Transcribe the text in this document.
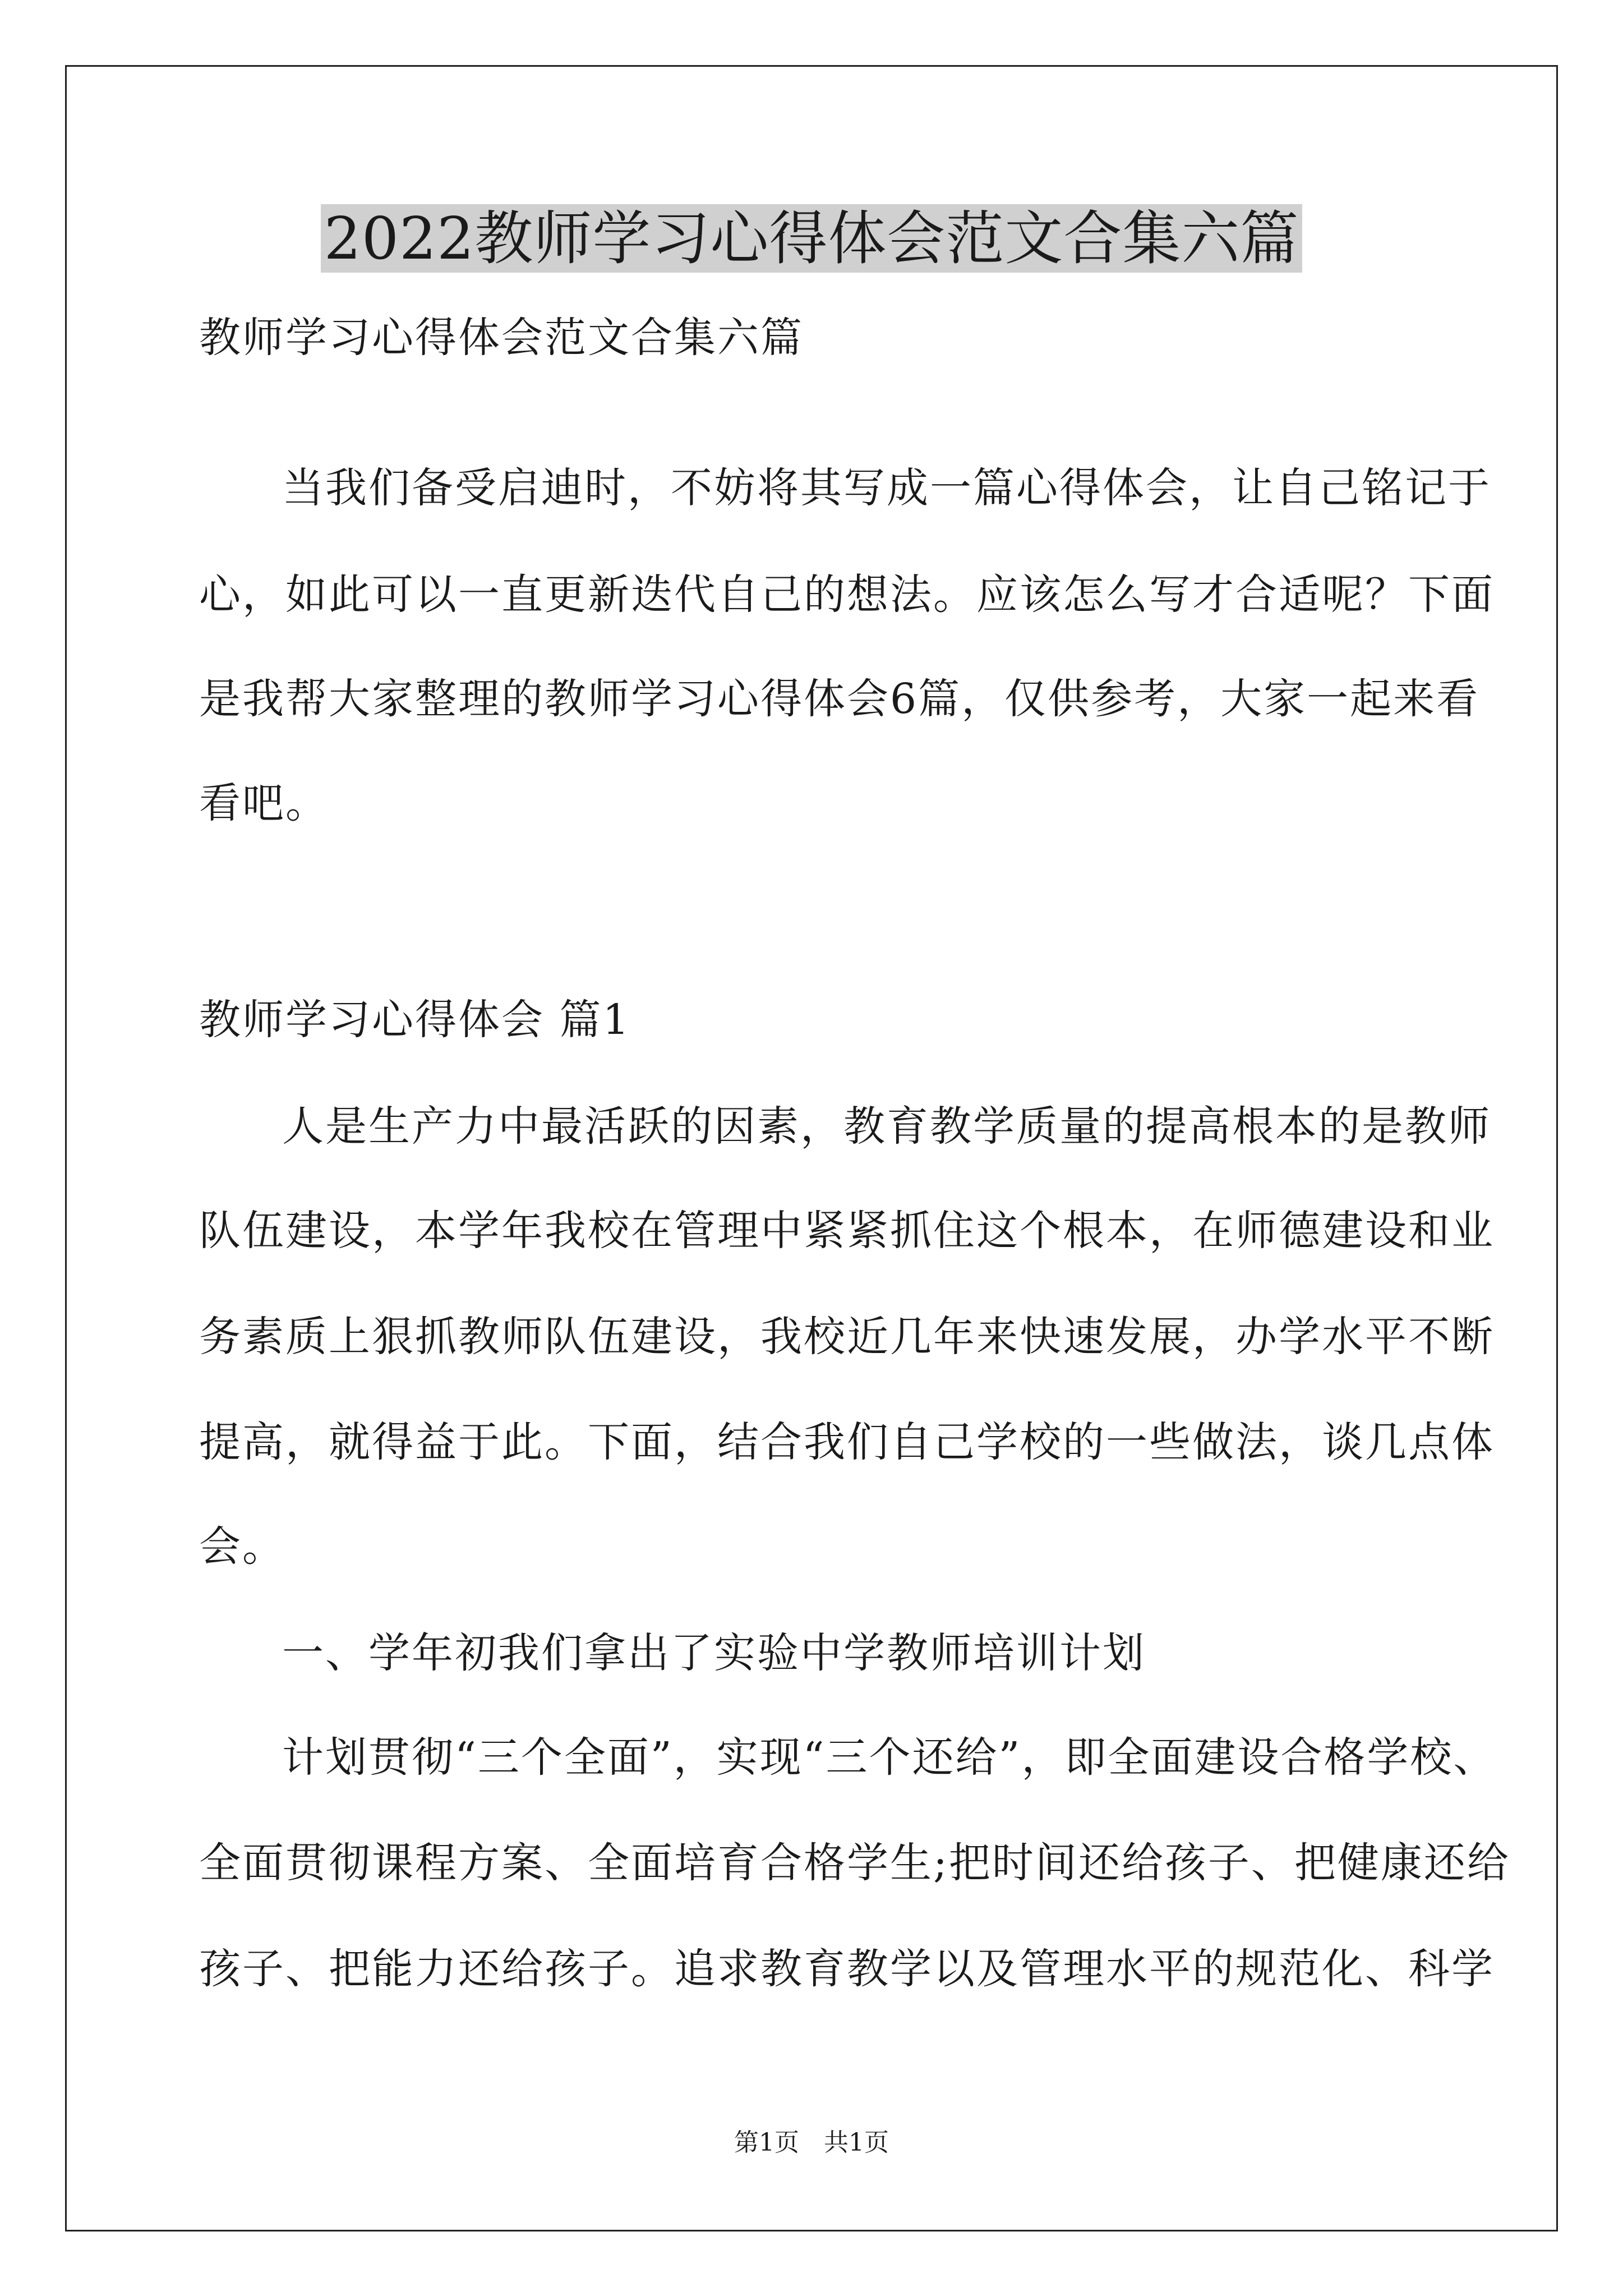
2022教师学习心得体会范文合集六篇
教师学习心得体会范文合集六篇
当我们备受启迪时，不妨将其写成一篇心得体会，让自己铭记于
心，如此可以一直更新迭代自己的想法。应该怎么写才合适呢？下面
是我帮大家整理的教师学习心得体会6篇，仅供参考，大家一起来看
看吧。
教师学习心得体会 篇1
人是生产力中最活跃的因素，教育教学质量的提高根本的是教师
队伍建设，本学年我校在管理中紧紧抓住这个根本，在师德建设和业
务素质上狠抓教师队伍建设，我校近几年来快速发展，办学水平不断
提高，就得益于此。下面，结合我们自己学校的一些做法，谈几点体
会。
一、学年初我们拿出了实验中学教师培训计划
计划贯彻“三个全面”，实现“三个还给”，即全面建设合格学校、
全面贯彻课程方案、全面培育合格学生;把时间还给孩子、把健康还给
孩子、把能力还给孩子。追求教育教学以及管理水平的规范化、科学
第1页　共1页
